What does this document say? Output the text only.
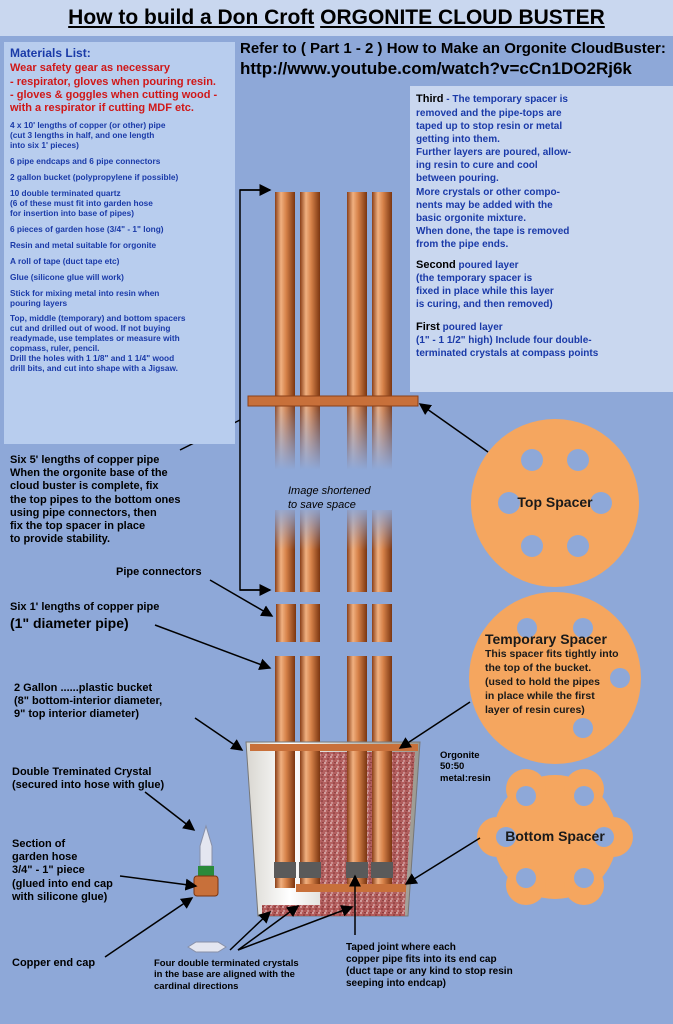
How to build a Don Croft ORGONITE CLOUD BUSTER
Refer to ( Part 1 - 2 ) How to Make an Orgonite CloudBuster:
http://www.youtube.com/watch?v=cCn1DO2Rj6k
Materials List:
Wear safety gear as necessary
- respirator, gloves when pouring resin.
- gloves & goggles when cutting wood -
with a respirator if cutting MDF etc.
4 x 10' lengths of copper (or other) pipe
(cut 3 lengths in half, and one length
into six 1' pieces)
6 pipe endcaps and 6 pipe connectors
2 gallon bucket (polypropylene if possible)
10 double terminated quartz
(6 of these must fit into garden hose
for insertion into base of pipes)
6 pieces of garden hose (3/4" - 1" long)
Resin and metal suitable for orgonite
A roll of tape (duct tape etc)
Glue (silicone glue will work)
Stick for mixing metal into resin when
pouring layers
Top, middle (temporary) and bottom spacers
cut and drilled out of wood. If not buying
readymade, use templates or measure with
copmass, ruler, pencil.
Drill the holes with 1 1/8" and 1 1/4" wood
drill bits, and cut into shape with a Jigsaw.
Third - The temporary spacer is
removed and the pipe-tops are
taped up to stop resin or metal
getting into them.
Further layers are poured, allow-
ing resin to cure and cool
between pouring.
More crystals or other compo-
nents may be added with the
basic orgonite mixture.
When done, the tape is removed
from the pipe ends.
Second poured layer
(the temporary spacer is
fixed in place while this layer
is curing, and then removed)
First poured layer
(1" - 1 1/2" high) Include four double-
terminated crystals at compass points
Six 5' lengths of copper pipe
When the orgonite base of the
cloud buster is complete, fix
the top pipes to the bottom ones
using pipe connectors, then
fix the top spacer in place
to provide stability.
Image shortened
to save space
Pipe connectors
Six 1' lengths of copper pipe
(1" diameter pipe)
2 Gallon ......plastic bucket
(8" bottom-interior diameter,
9" top interior diameter)
Double Treminated Crystal
(secured into hose with glue)
Section of
garden hose
3/4" - 1" piece
(glued into end cap
with silicone glue)
Copper end cap	Four double terminated crystals
in the base are aligned with the
cardinal directions
Taped joint where each
copper pipe fits into its end cap
(duct tape or any kind to stop resin
seeping into endcap)
Orgonite
50:50
metal:resin
Top Spacer
Temporary Spacer
This spacer fits tightly into
the top of the bucket.
(used to hold the pipes
in place while the first
layer of resin cures)
Bottom Spacer
